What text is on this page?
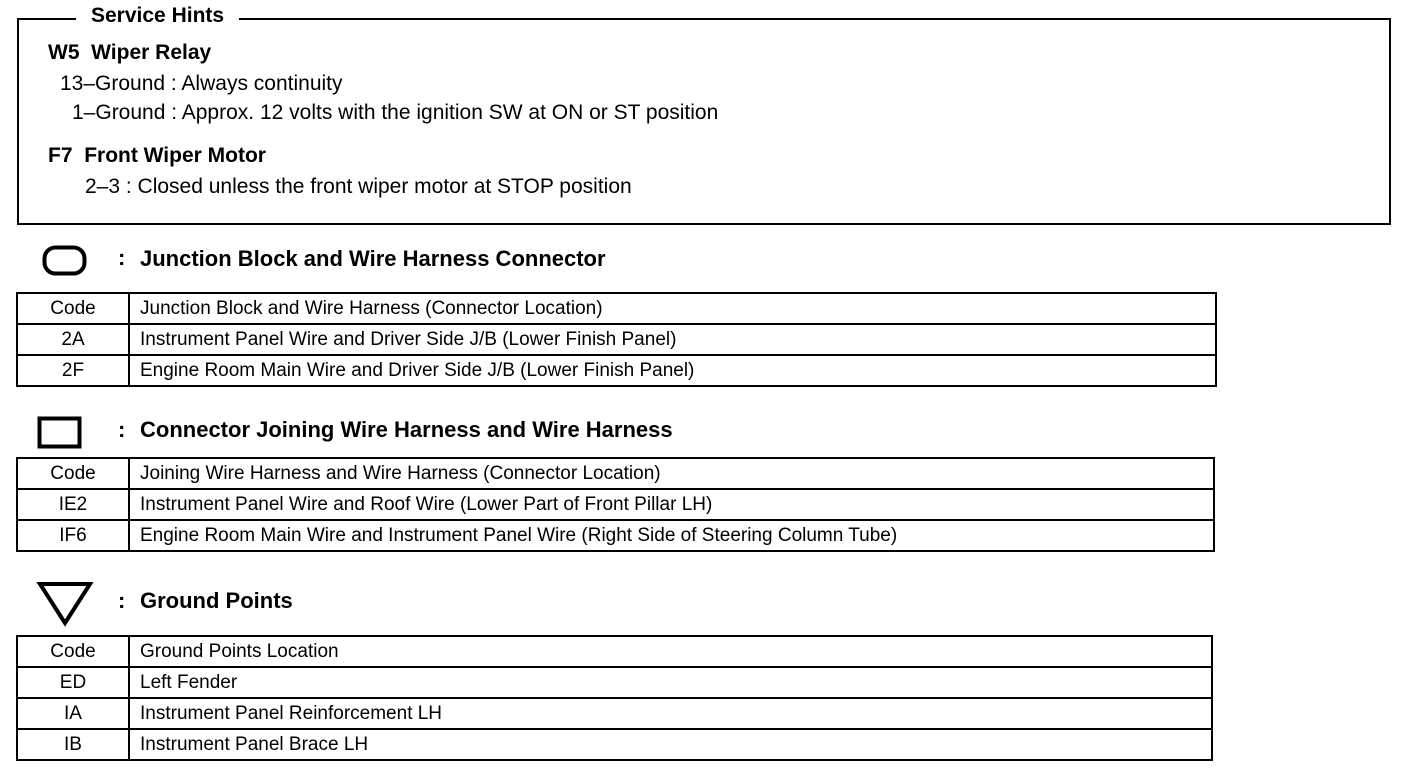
Service Hints
W5 Wiper Relay
13–Ground : Always continuity
1–Ground : Approx. 12 volts with the ignition SW at ON or ST position
F7 Front Wiper Motor
2–3 : Closed unless the front wiper motor at STOP position
: Junction Block and Wire Harness Connector
Code	Junction Block and Wire Harness (Connector Location)
2A	Instrument Panel Wire and Driver Side J/B (Lower Finish Panel)
2F	Engine Room Main Wire and Driver Side J/B (Lower Finish Panel)
: Connector Joining Wire Harness and Wire Harness
Code	Joining Wire Harness and Wire Harness (Connector Location)
IE2	Instrument Panel Wire and Roof Wire (Lower Part of Front Pillar LH)
IF6	Engine Room Main Wire and Instrument Panel Wire (Right Side of Steering Column Tube)
: Ground Points
Code	Ground Points Location
ED	Left Fender
IA	Instrument Panel Reinforcement LH
IB	Instrument Panel Brace LH
